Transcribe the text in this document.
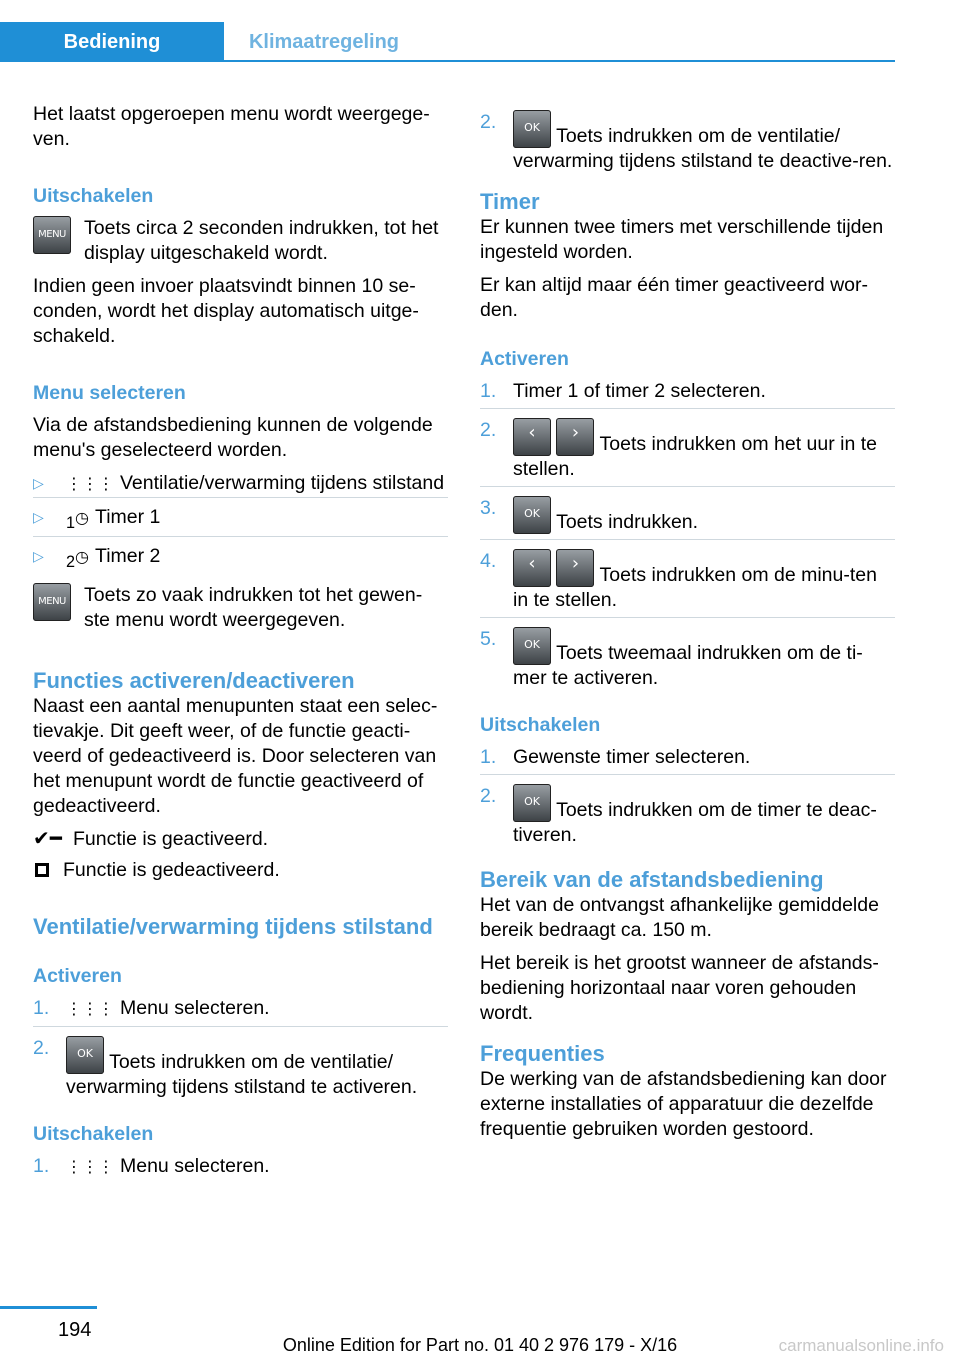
Bediening	Klimaatregeling

Het laatst opgeroepen menu wordt weergege-ven.

Uitschakelen

MENU Toets circa 2 seconden indrukken, tot het display uitgeschakeld wordt.

Indien geen invoer plaatsvindt binnen 10 se-conden, wordt het display automatisch uitge-schakeld.

Menu selecteren

Via de afstandsbediening kunnen de volgende menu's geselecteerd worden.

▷ ⋮⋮⋮ Ventilatie/verwarming tijdens stilstand
▷ $_1$◷ Timer 1
▷ $_2$◷ Timer 2
MENU Toets zo vaak indrukken tot het gewen-ste menu wordt weergegeven.

Functies activeren/deactiveren

Naast een aantal menupunten staat een selec-tievakje. Dit geeft weer, of de functie geacti-veerd of gedeactiveerd is. Door selecteren van het menupunt wordt de functie geactiveerd of gedeactiveerd.

✔━ Functie is geactiveerd.
Functie is gedeactiveerd.

Ventilatie/verwarming tijdens stilstand

Activeren

1. ⋮⋮⋮ Menu selecteren.
2.	OK Toets indrukken om de ventilatie/ verwarming tijdens stilstand te activeren.

Uitschakelen

1. ⋮⋮⋮ Menu selecteren.
2.	OK Toets indrukken om de ventilatie/ verwarming tijdens stilstand te deactive-ren.

Timer

Er kunnen twee timers met verschillende tijden ingesteld worden.

Er kan altijd maar één timer geactiveerd wor-den.

Activeren

1. Timer 1 of timer 2 selecteren.
2.	‹
	›
Toets indrukken om het uur in te stellen.
3.	OK Toets indrukken.
4.	‹
	›
Toets indrukken om de minu-ten in te stellen.
5.	OK Toets tweemaal indrukken om de ti-mer te activeren.

Uitschakelen

1. Gewenste timer selecteren.
2.	OK Toets indrukken om de timer te deac-tiveren.

Bereik van de afstandsbediening

Het van de ontvangst afhankelijke gemiddelde bereik bedraagt ca. 150 m.

Het bereik is het grootst wanneer de afstands-bediening horizontaal naar voren gehouden wordt.

Frequenties

De werking van de afstandsbediening kan door externe installaties of apparatuur die dezelfde frequentie gebruiken worden gestoord.

194
Online Edition for Part no. 01 40 2 976 179 - X/16	carmanualsonline.info
